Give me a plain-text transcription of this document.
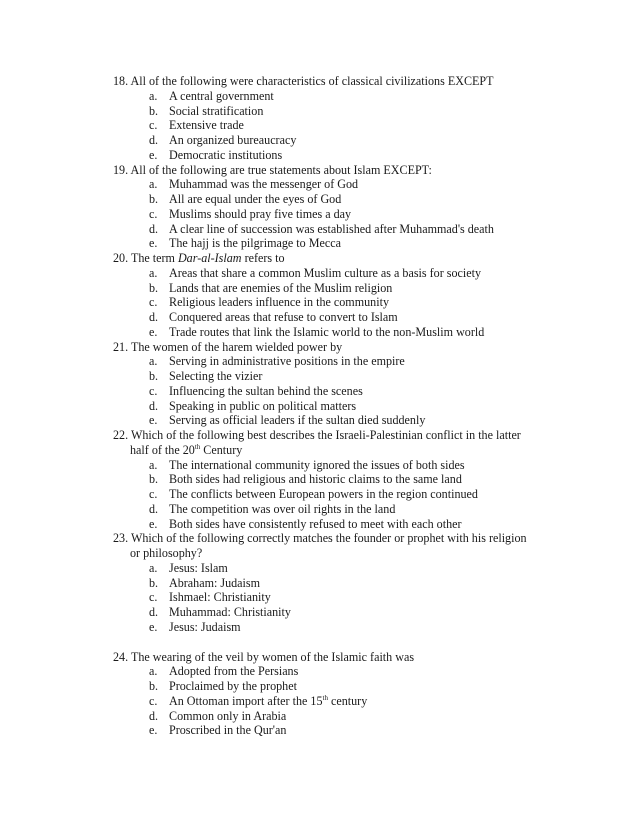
18. All of the following were characteristics of classical civilizations EXCEPT

a. A central government
b. Social stratification
c. Extensive trade
d. An organized bureaucracy
e. Democratic institutions

19. All of the following are true statements about Islam EXCEPT:

a. Muhammad was the messenger of God
b. All are equal under the eyes of God
c. Muslims should pray five times a day
d. A clear line of succession was established after Muhammad's death
e. The hajj is the pilgrimage to Mecca

20. The term Dar-al-Islam refers to

a. Areas that share a common Muslim culture as a basis for society
b. Lands that are enemies of the Muslim religion
c. Religious leaders influence in the community
d. Conquered areas that refuse to convert to Islam
e. Trade routes that link the Islamic world to the non-Muslim world

21. The women of the harem wielded power by

a. Serving in administrative positions in the empire
b. Selecting the vizier
c. Influencing the sultan behind the scenes
d. Speaking in public on political matters
e. Serving as official leaders if the sultan died suddenly

22. Which of the following best describes the Israeli-Palestinian conflict in the latter half of the 20th Century

a. The international community ignored the issues of both sides
b. Both sides had religious and historic claims to the same land
c. The conflicts between European powers in the region continued
d. The competition was over oil rights in the land
e. Both sides have consistently refused to meet with each other

23. Which of the following correctly matches the founder or prophet with his religion or philosophy?

a. Jesus: Islam
b. Abraham: Judaism
c. Ishmael: Christianity
d. Muhammad: Christianity
e. Jesus: Judaism

24. The wearing of the veil by women of the Islamic faith was

a. Adopted from the Persians
b. Proclaimed by the prophet
c. An Ottoman import after the 15th century
d. Common only in Arabia
e. Proscribed in the Qur'an
